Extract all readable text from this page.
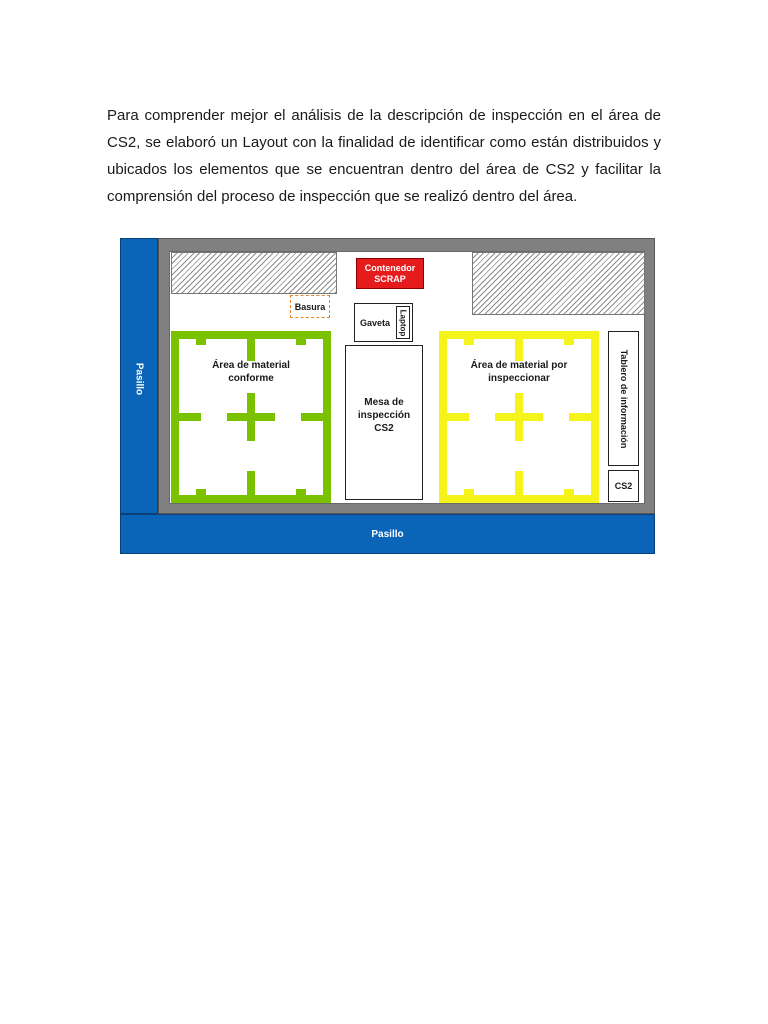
Para comprender mejor el análisis de la descripción de inspección en el área de CS2, se elaboró un Layout con la finalidad de identificar como están distribuidos y ubicados los elementos que se encuentran dentro del área de CS2 y facilitar la comprensión del proceso de inspección que se realizó dentro del área.

Pasillo
Contenedor
SCRAP
Basura
Gaveta Laptop
Mesa de
inspección
CS2
Área de material
conforme
Área de material por
inspeccionar	Tablero de información
CS2
Pasillo
